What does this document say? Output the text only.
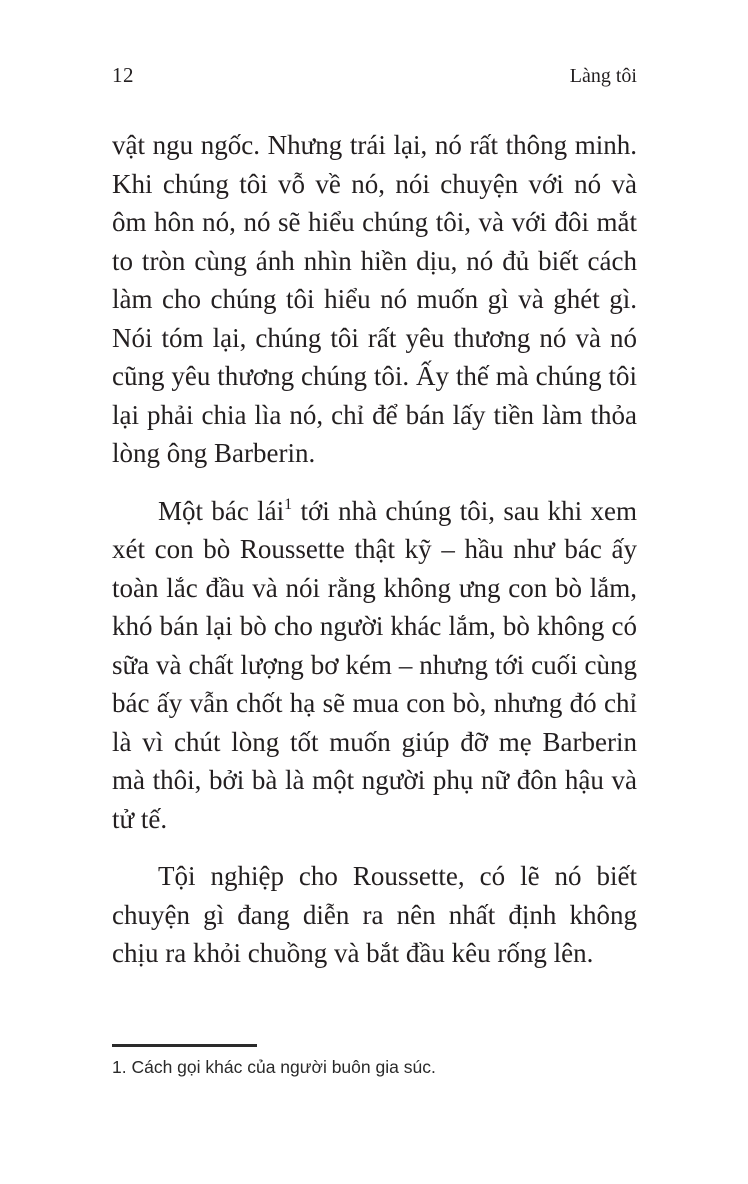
12	Làng tôi

vật ngu ngốc. Nhưng trái lại, nó rất thông minh. Khi chúng tôi vỗ về nó, nói chuyện với nó và ôm hôn nó, nó sẽ hiểu chúng tôi, và với đôi mắt to tròn cùng ánh nhìn hiền dịu, nó đủ biết cách làm cho chúng tôi hiểu nó muốn gì và ghét gì. Nói tóm lại, chúng tôi rất yêu thương nó và nó cũng yêu thương chúng tôi. Ấy thế mà chúng tôi lại phải chia lìa nó, chỉ để bán lấy tiền làm thỏa lòng ông Barberin.

Một bác lái$^1$ tới nhà chúng tôi, sau khi xem xét con bò Roussette thật kỹ – hầu như bác ấy toàn lắc đầu và nói rằng không ưng con bò lắm, khó bán lại bò cho người khác lắm, bò không có sữa và chất lượng bơ kém – nhưng tới cuối cùng bác ấy vẫn chốt hạ sẽ mua con bò, nhưng đó chỉ là vì chút lòng tốt muốn giúp đỡ mẹ Barberin mà thôi, bởi bà là một người phụ nữ đôn hậu và tử tế.

Tội nghiệp cho Roussette, có lẽ nó biết chuyện gì đang diễn ra nên nhất định không chịu ra khỏi chuồng và bắt đầu kêu rống lên.

1. Cách gọi khác của người buôn gia súc.
